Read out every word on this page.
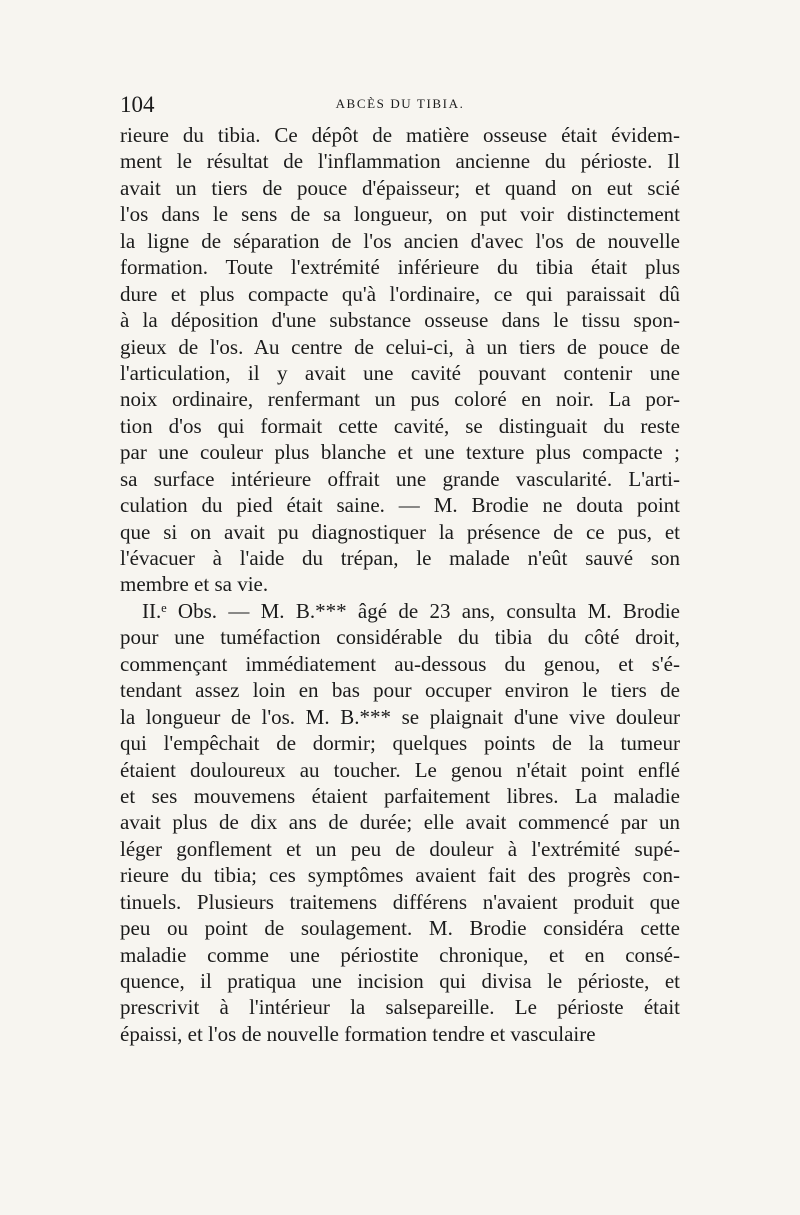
104	ABCÈS DU TIBIA.
rieure du tibia. Ce dépôt de matière osseuse était évidem-
ment le résultat de l'inflammation ancienne du périoste. Il
avait un tiers de pouce d'épaisseur; et quand on eut scié
l'os dans le sens de sa longueur, on put voir distinctement
la ligne de séparation de l'os ancien d'avec l'os de nouvelle
formation. Toute l'extrémité inférieure du tibia était plus
dure et plus compacte qu'à l'ordinaire, ce qui paraissait dû
à la déposition d'une substance osseuse dans le tissu spon-
gieux de l'os. Au centre de celui-ci, à un tiers de pouce de
l'articulation, il y avait une cavité pouvant contenir une
noix ordinaire, renfermant un pus coloré en noir. La por-
tion d'os qui formait cette cavité, se distinguait du reste
par une couleur plus blanche et une texture plus compacte ;
sa surface intérieure offrait une grande vascularité. L'arti-
culation du pied était saine. — M. Brodie ne douta point
que si on avait pu diagnostiquer la présence de ce pus, et
l'évacuer à l'aide du trépan, le malade n'eût sauvé son
membre et sa vie.
II.ᵉ Obs. — M. B.*** âgé de 23 ans, consulta M. Brodie
pour une tuméfaction considérable du tibia du côté droit,
commençant immédiatement au-dessous du genou, et s'é-
tendant assez loin en bas pour occuper environ le tiers de
la longueur de l'os. M. B.*** se plaignait d'une vive douleur
qui l'empêchait de dormir; quelques points de la tumeur
étaient douloureux au toucher. Le genou n'était point enflé
et ses mouvemens étaient parfaitement libres. La maladie
avait plus de dix ans de durée; elle avait commencé par un
léger gonflement et un peu de douleur à l'extrémité supé-
rieure du tibia; ces symptômes avaient fait des progrès con-
tinuels. Plusieurs traitemens différens n'avaient produit que
peu ou point de soulagement. M. Brodie considéra cette
maladie comme une périostite chronique, et en consé-
quence, il pratiqua une incision qui divisa le périoste, et
prescrivit à l'intérieur la salsepareille. Le périoste était
épaissi, et l'os de nouvelle formation tendre et vasculaire
